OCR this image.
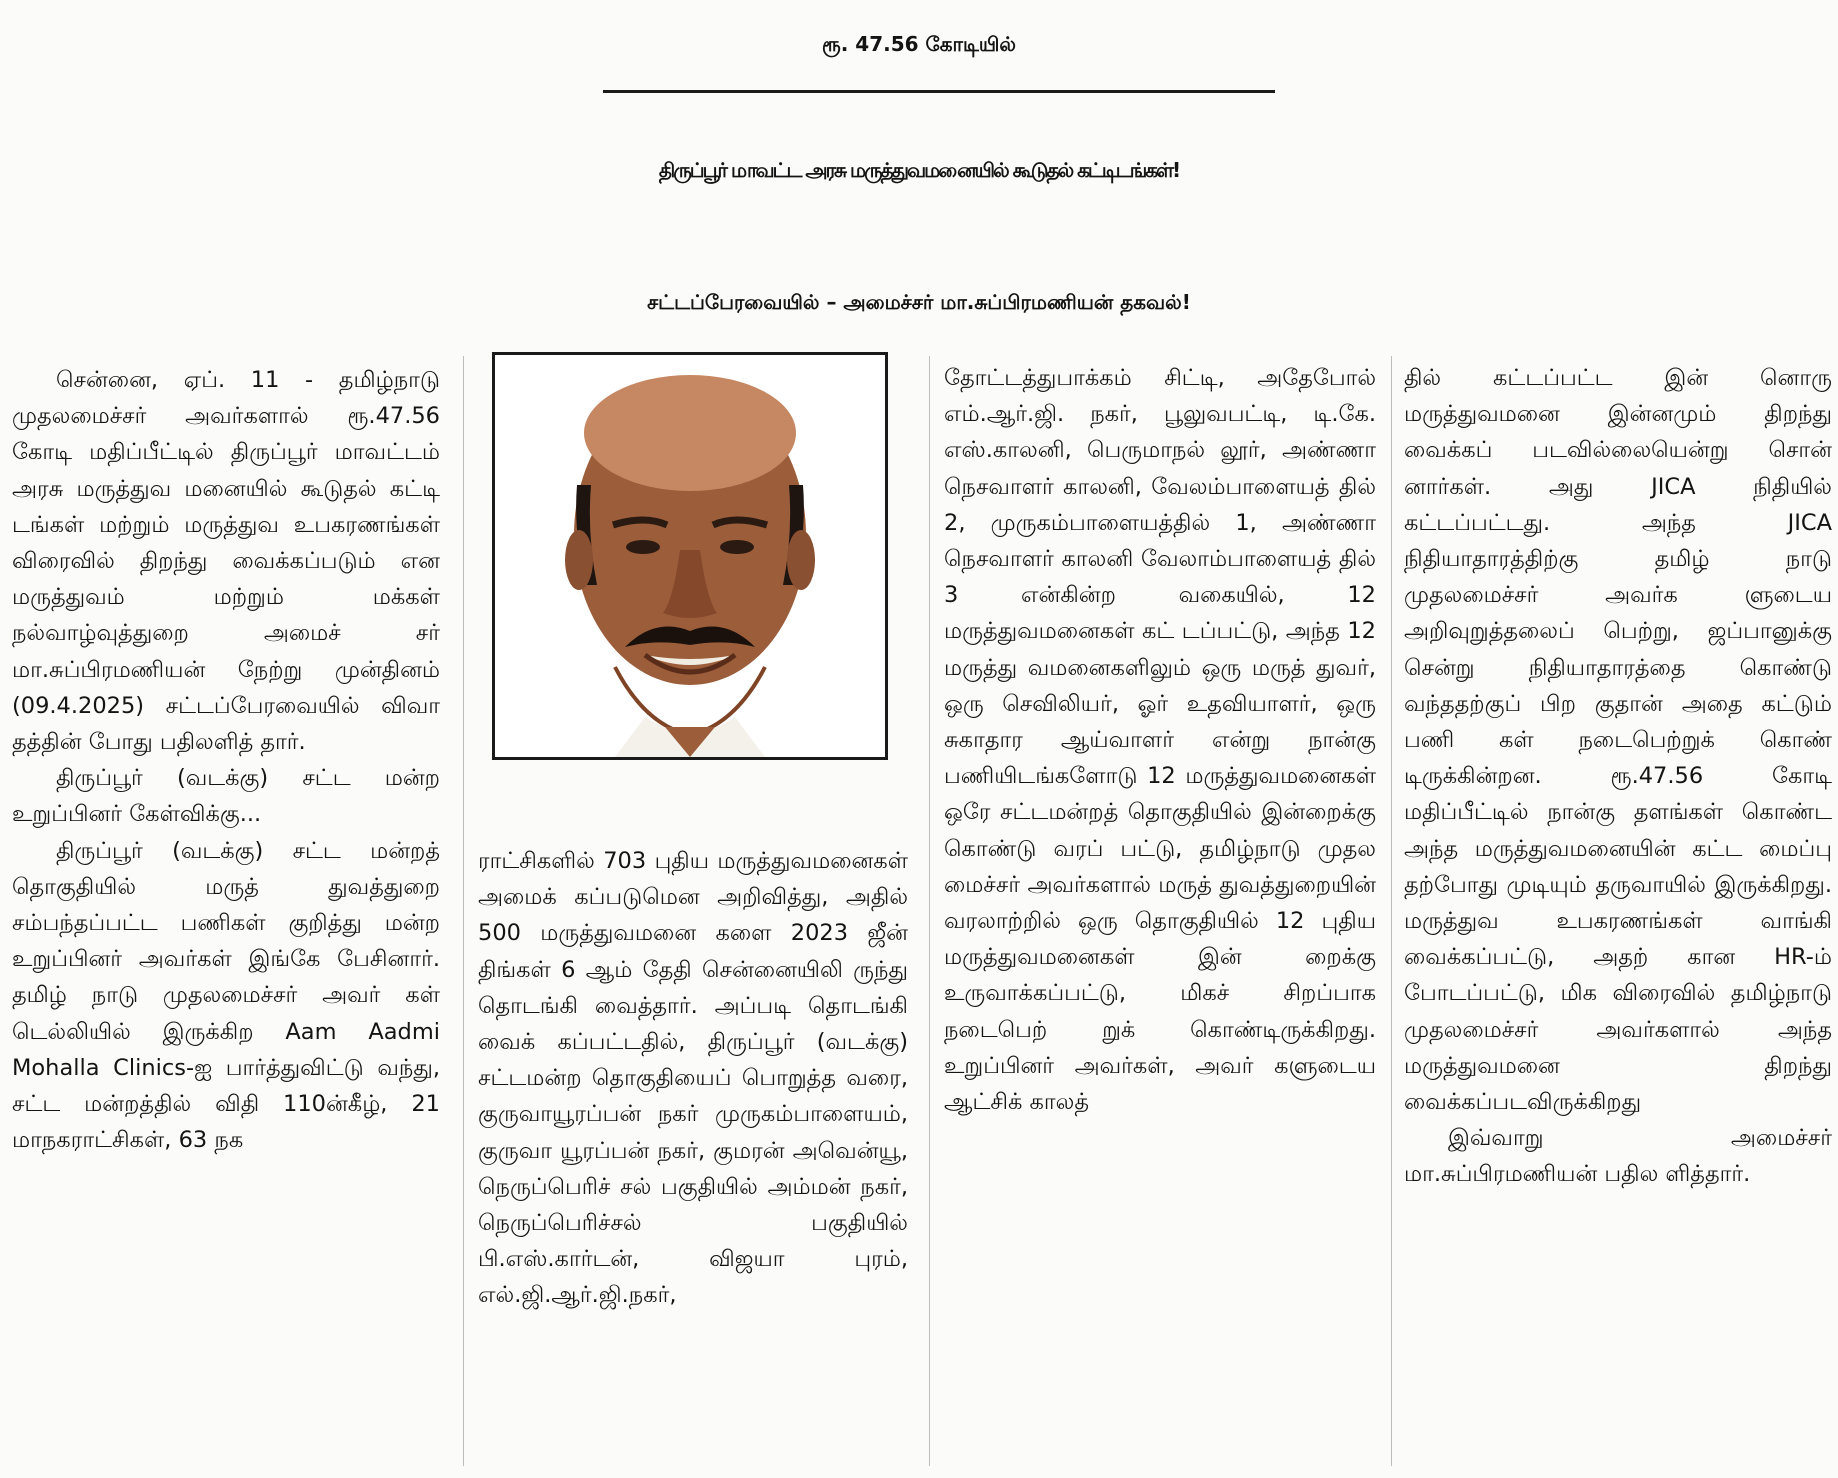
ரூ. 47.56 கோடியில்
திருப்பூர் மாவட்ட அரசு மருத்துவமனையில் கூடுதல் கட்டிடங்கள்!
சட்டப்பேரவையில் – அமைச்சர் மா.சுப்பிரமணியன் தகவல்!

சென்னை, ஏப். 11 - தமிழ்நாடு முதலமைச்சர் அவர்களால் ரூ.47.56 கோடி மதிப்பீட்டில் திருப்பூர் மாவட்டம் அரசு மருத்துவ மனையில் கூடுதல் கட்டி டங்கள் மற்றும் மருத்துவ உபகரணங்கள் விரைவில் திறந்து வைக்கப்படும் என மருத்துவம் மற்றும் மக்கள் நல்வாழ்வுத்துறை அமைச் சர் மா.சுப்பிரமணியன் நேற்று முன்தினம் (09.4.2025) சட்டப்பேரவையில் விவா தத்தின் போது பதிலளித் தார்.

திருப்பூர் (வடக்கு) சட்ட மன்ற உறுப்பினர் கேள்விக்கு...

திருப்பூர் (வடக்கு) சட்ட மன்றத் தொகுதியில் மருத் துவத்துறை சம்பந்தப்பட்ட பணிகள் குறித்து மன்ற உறுப்பினர் அவர்கள் இங்கே பேசினார். தமிழ் நாடு முதலமைச்சர் அவர் கள் டெல்லியில் இருக்கிற Aam Aadmi Mohalla Clinics-ஐ பார்த்துவிட்டு வந்து, சட்ட மன்றத்தில் விதி 110ன்கீழ், 21 மாநகராட்சிகள், 63 நக

ராட்சிகளில் 703 புதிய மருத்துவமனைகள் அமைக் கப்படுமென அறிவித்து, அதில் 500 மருத்துவமனை களை 2023 ஜீன் திங்கள் 6 ஆம் தேதி சென்னையிலி ருந்து தொடங்கி வைத்தார். அப்படி தொடங்கி வைக் கப்பட்டதில், திருப்பூர் (வடக்கு) சட்டமன்ற தொகுதியைப் பொறுத்த வரை, குருவாயூரப்பன் நகர் முருகம்பாளையம், குருவா யூரப்பன் நகர், குமரன் அவென்யூ, நெருப்பெரிச் சல் பகுதியில் அம்மன் நகர், நெருப்பெரிச்சல் பகுதியில் பி.எஸ்.கார்டன், விஜயா புரம், எல்.ஜி.ஆர்.ஜி.நகர்,

தோட்டத்துபாக்கம் சிட்டி, அதேபோல் எம்.ஆர்.ஜி. நகர், பூலுவபட்டி, டி.கே. எஸ்.காலனி, பெருமாநல் லூர், அண்ணா நெசவாளர் காலனி, வேலம்பாளையத் தில் 2, முருகம்பாளையத்தில் 1, அண்ணா நெசவாளர் காலனி வேலாம்பாளையத் தில் 3 என்கின்ற வகையில், 12 மருத்துவமனைகள் கட் டப்பட்டு, அந்த 12 மருத்து வமனைகளிலும் ஒரு மருத் துவர், ஒரு செவிலியர், ஓர் உதவியாளர், ஒரு சுகாதார ஆய்வாளர் என்று நான்கு பணியிடங்களோடு 12 மருத்துவமனைகள் ஒரே சட்டமன்றத் தொகுதியில் இன்றைக்கு கொண்டு வரப் பட்டு, தமிழ்நாடு முதல மைச்சர் அவர்களால் மருத் துவத்துறையின் வரலாற்றில் ஒரு தொகுதியில் 12 புதிய மருத்துவமனைகள் இன் றைக்கு உருவாக்கப்பட்டு, மிகச் சிறப்பாக நடைபெற் றுக் கொண்டிருக்கிறது. உறுப்பினர் அவர்கள், அவர் களுடைய ஆட்சிக் காலத்

தில் கட்டப்பட்ட இன் னொரு மருத்துவமனை இன்னமும் திறந்து வைக்கப் படவில்லையென்று சொன் னார்கள். அது JICA நிதியில் கட்டப்பட்டது. அந்த JICA நிதியாதாரத்திற்கு தமிழ் நாடு முதலமைச்சர் அவர்க ளுடைய அறிவுறுத்தலைப் பெற்று, ஜப்பானுக்கு சென்று நிதியாதாரத்தை கொண்டு வந்ததற்குப் பிற குதான் அதை கட்டும் பணி கள் நடைபெற்றுக் கொண் டிருக்கின்றன. ரூ.47.56 கோடி மதிப்பீட்டில் நான்கு தளங்கள் கொண்ட அந்த மருத்துவமனையின் கட்ட மைப்பு தற்போது முடியும் தருவாயில் இருக்கிறது. மருத்துவ உபகரணங்கள் வாங்கி வைக்கப்பட்டு, அதற் கான HR-ம் போடப்பட்டு, மிக விரைவில் தமிழ்நாடு முதலமைச்சர் அவர்களால் அந்த மருத்துவமனை திறந்து வைக்கப்படவிருக்கிறது

இவ்வாறு அமைச்சர் மா.சுப்பிரமணியன் பதில ளித்தார்.
